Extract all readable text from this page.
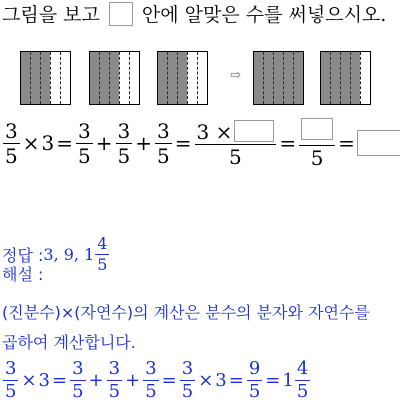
그림을 보고 안에 알맞은 수를 써넣으시오.
⇨
$\frac{3}{5} \times 3 = \frac{3}{5} + \frac{3}{5} + \frac{3}{5} = \frac{3 \times}{5}$ =
5
=
정답 : 3, 9, $1 \frac{4}{5}$
해설 :
(진분수)×(자연수)의 계산은 분수의 분자와 자연수를
곱하여 계산합니다.
$\frac{3}{5} \times 3 = \frac{3}{5} + \frac{3}{5} + \frac{3}{5} = \frac{3}{5} \times 3 = \frac{9}{5} = 1 \frac{4}{5}$
